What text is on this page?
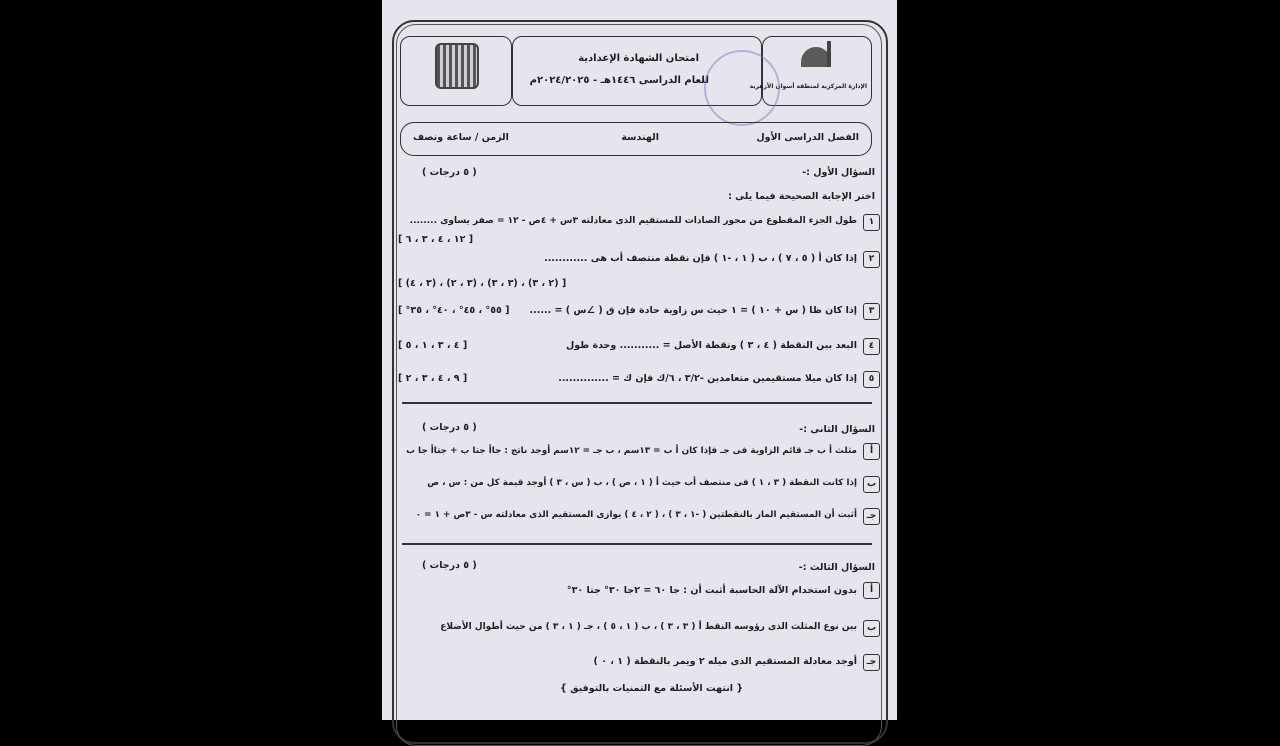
امتحان الشهادة الإعدادية
للعام الدراسى ١٤٤٦هـ - ٢٠٢٤/٢٠٢٥م
الإدارة المركزية لمنطقة أسوان الأزهرية
الفصل الدراسى الأول
الهندسة
الزمن / ساعة ونصف
السؤال الأول :-
( ٥ درجات )
اختر الإجابة الصحيحة فيما يلى :
١
طول الجزء المقطوع من محور الصادات للمستقيم الذى معادلته ٣س + ٤ص - ١٢ = صفر يساوى ........
[ ١٢ ، ٤ ، ٣ ، ٦ ]
٢
إذا كان أ ( ٥ ، ٧ ) ، ب ( ١ ، -١ ) فإن نقطة منتصف أب هى ............
[ (٢ ، ٣) ، (٣ ، ٣) ، (٣ ، ٢) ، (٣ ، ٤) ]
٣
إذا كان ظا ( س + ١٠ ) = ١ حيث س زاوية حادة فإن ق ( ∠س ) = ......
[ ٥٥° ، ٤٥° ، ٤٠° ، ٣٥° ]
٤
البعد بين النقطة ( ٤ ، ٣ ) ونقطة الأصل = ........... وحدة طول
[ ٤ ، ٣ ، ١ ، ٥ ]
٥
إذا كان ميلا مستقيمين متعامدين -٣/٢ ، ٦/ك فإن ك = ..............
[ ٩ ، ٤ ، ٣ ، ٢ ]
السؤال الثانى :-
( ٥ درجات )
أ
مثلث أ ب جـ قائم الزاوية فى جـ فإذا كان أ ب = ١٣سم ، ب جـ = ١٢سم أوجد ناتج : جاأ جتا ب + جتاأ جا ب
ب
إذا كانت النقطة ( ٣ ، ١ ) فى منتصف أب حيث أ ( ١ ، ص ) ، ب ( س ، ٣ ) أوجد قيمة كل من : س ، ص
جـ
أثبت أن المستقيم المار بالنقطتين ( -١ ، ٣ ) ، ( ٢ ، ٤ ) يوازى المستقيم الذى معادلته س - ٣ص + ١ = ٠
السؤال الثالث :-
( ٥ درجات )
أ
بدون استخدام الآلة الحاسبة أثبت أن : جا ٦٠ = ٢جا ٣٠° جتا ٣٠°
ب
بين نوع المثلث الذى رؤوسه النقط أ ( ٣ ، ٣ ) ، ب ( ١ ، ٥ ) ، جـ ( ١ ، ٣ ) من حيث أطوال الأضلاع
جـ
أوجد معادلة المستقيم الذى ميله ٢ ويمر بالنقطة ( ١ ، ٠ )
{ انتهت الأسئلة مع التمنيات بالتوفيق }
